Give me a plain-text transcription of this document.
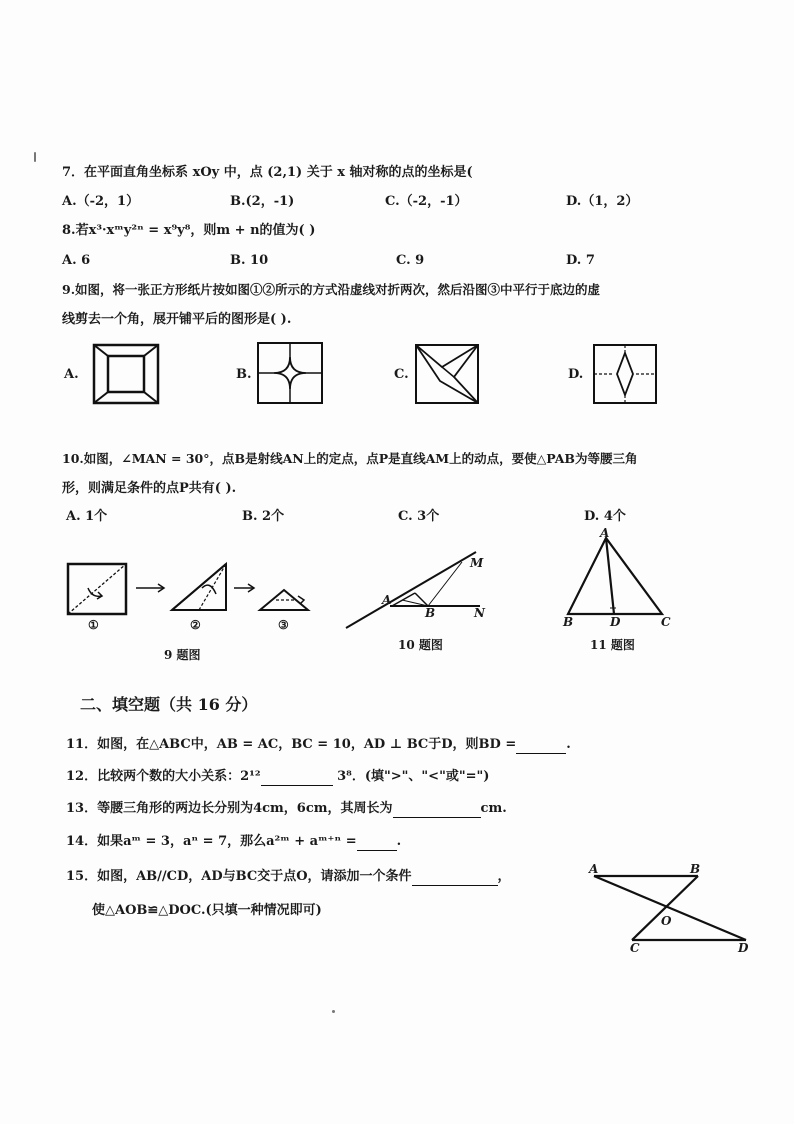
7．在平面直角坐标系 xOy 中，点 (2,1) 关于 x 轴对称的点的坐标是(
A.（-2，1）	B.(2，-1)	C.（-2，-1）	D.（1，2）
8.若x³·xᵐy²ⁿ = x⁹y⁸，则m + n的值为( )
A. 6	B. 10	C. 9	D. 7
9.如图，将一张正方形纸片按如图①②所示的方式沿虚线对折两次，然后沿图③中平行于底边的虚
线剪去一个角，展开铺平后的图形是( ).
A.	B.	C.	D.
10.如图，∠MAN = 30°，点B是射线AN上的定点，点P是直线AM上的动点，要使△PAB为等腰三角
形，则满足条件的点P共有( ).
A. 1个	B. 2个	C. 3个	D. 4个
①	②	③
9 题图
A
B
M
N
10 题图
A
B	D	C
11 题图
二、填空题（共 16 分）
11．如图，在△ABC中，AB = AC，BC = 10，AD ⊥ BC于D，则BD =	.
12．比较两个数的大小关系：2¹²	3⁸．(填">"、"<"或"=")
13．等腰三角形的两边长分别为4cm，6cm，其周长为	cm.
14．如果aᵐ = 3，aⁿ = 7，那么a²ᵐ + aᵐ⁺ⁿ =	.
15．如图，AB//CD，AD与BC交于点O，请添加一个条件	，
使△AOB≌△DOC.(只填一种情况即可)
A	B
O
C	D
